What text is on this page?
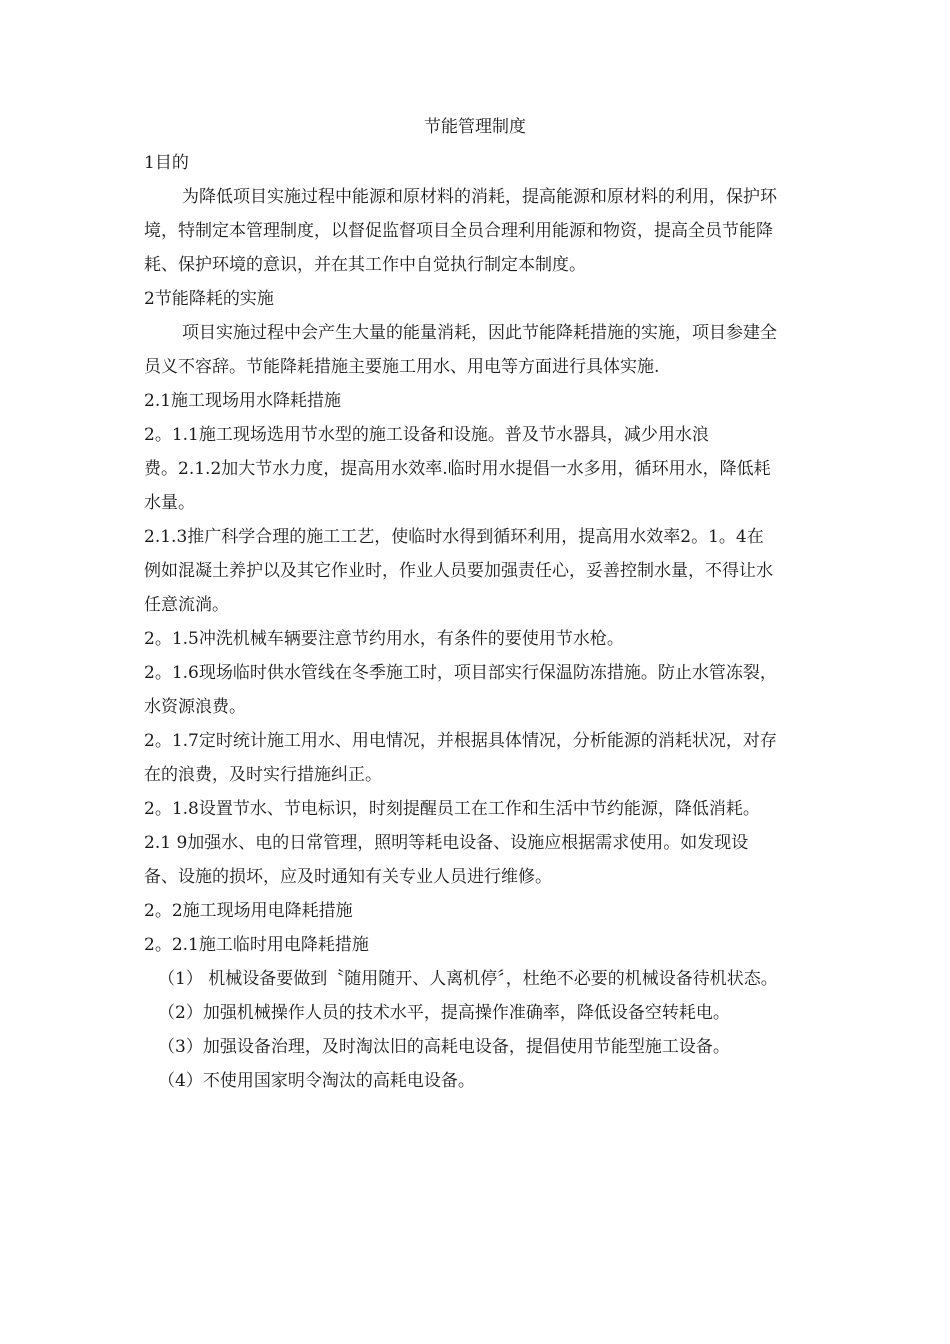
节能管理制度

1目的

为降低项目实施过程中能源和原材料的消耗，提高能源和原材料的利用，保护环

境，特制定本管理制度，以督促监督项目全员合理利用能源和物资，提高全员节能降

耗、保护环境的意识，并在其工作中自觉执行制定本制度。

2节能降耗的实施

项目实施过程中会产生大量的能量消耗，因此节能降耗措施的实施，项目参建全

员义不容辞。节能降耗措施主要施工用水、用电等方面进行具体实施.

2.1施工现场用水降耗措施

2。1.1施工现场选用节水型的施工设备和设施。普及节水器具，减少用水浪

费。2.1.2加大节水力度，提高用水效率.临时用水提倡一水多用，循环用水，降低耗

水量。

2.1.3推广科学合理的施工工艺，使临时水得到循环利用，提高用水效率2。1。4在

例如混凝土养护以及其它作业时，作业人员要加强责任心，妥善控制水量，不得让水

任意流淌。

2。1.5冲洗机械车辆要注意节约用水，有条件的要使用节水枪。

2。1.6现场临时供水管线在冬季施工时，项目部实行保温防冻措施。防止水管冻裂，

水资源浪费。

2。1.7定时统计施工用水、用电情况，并根据具体情况，分析能源的消耗状况，对存

在的浪费，及时实行措施纠正。

2。1.8设置节水、节电标识，时刻提醒员工在工作和生活中节约能源，降低消耗。

2.1 9加强水、电的日常管理，照明等耗电设备、设施应根据需求使用。如发现设

备、设施的损坏，应及时通知有关专业人员进行维修。

2。2施工现场用电降耗措施

2。2.1施工临时用电降耗措施

（1） 机械设备要做到〝随用随开、人离机停〞，杜绝不必要的机械设备待机状态。

（2）加强机械操作人员的技术水平，提高操作准确率，降低设备空转耗电。

（3）加强设备治理，及时淘汰旧的高耗电设备，提倡使用节能型施工设备。

（4）不使用国家明令淘汰的高耗电设备。
